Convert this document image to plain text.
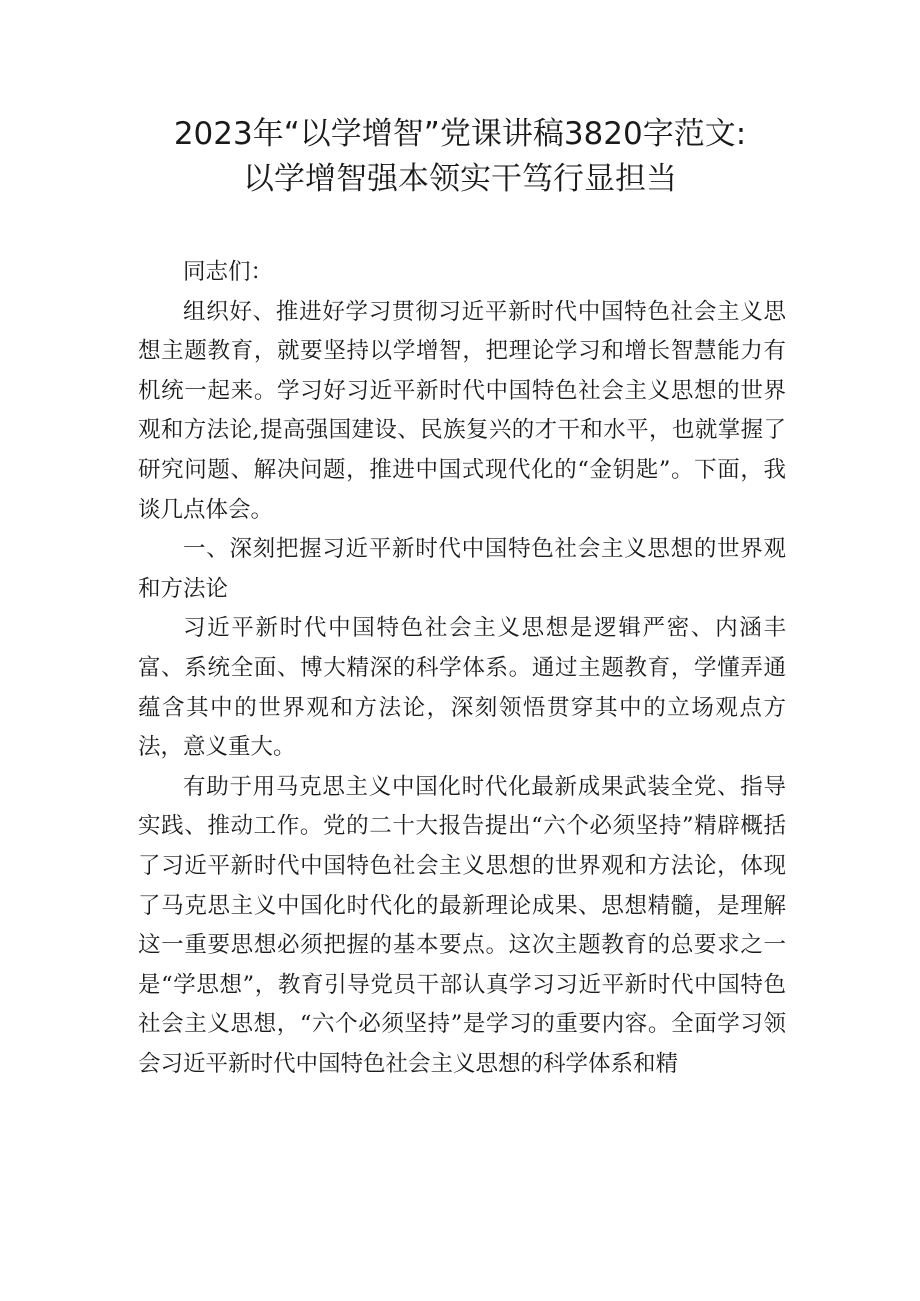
2023年“以学增智”党课讲稿3820字范文:
以学增智强本领实干笃行显担当

同志们：

组织好、推进好学习贯彻习近平新时代中国特色社会主义思想主题教育，就要坚持以学增智，把理论学习和增长智慧能力有机统一起来。学习好习近平新时代中国特色社会主义思想的世界观和方法论,提高强国建设、民族复兴的才干和水平，也就掌握了研究问题、解决问题，推进中国式现代化的“金钥匙”。下面，我谈几点体会。

一、深刻把握习近平新时代中国特色社会主义思想的世界观和方法论

习近平新时代中国特色社会主义思想是逻辑严密、内涵丰富、系统全面、博大精深的科学体系。通过主题教育，学懂弄通蕴含其中的世界观和方法论，深刻领悟贯穿其中的立场观点方法，意义重大。

有助于用马克思主义中国化时代化最新成果武装全党、指导实践、推动工作。党的二十大报告提出“六个必须坚持”精辟概括了习近平新时代中国特色社会主义思想的世界观和方法论，体现了马克思主义中国化时代化的最新理论成果、思想精髓，是理解这一重要思想必须把握的基本要点。这次主题教育的总要求之一是“学思想”，教育引导党员干部认真学习习近平新时代中国特色社会主义思想，“六个必须坚持”是学习的重要内容。全面学习领会习近平新时代中国特色社会主义思想的科学体系和精
